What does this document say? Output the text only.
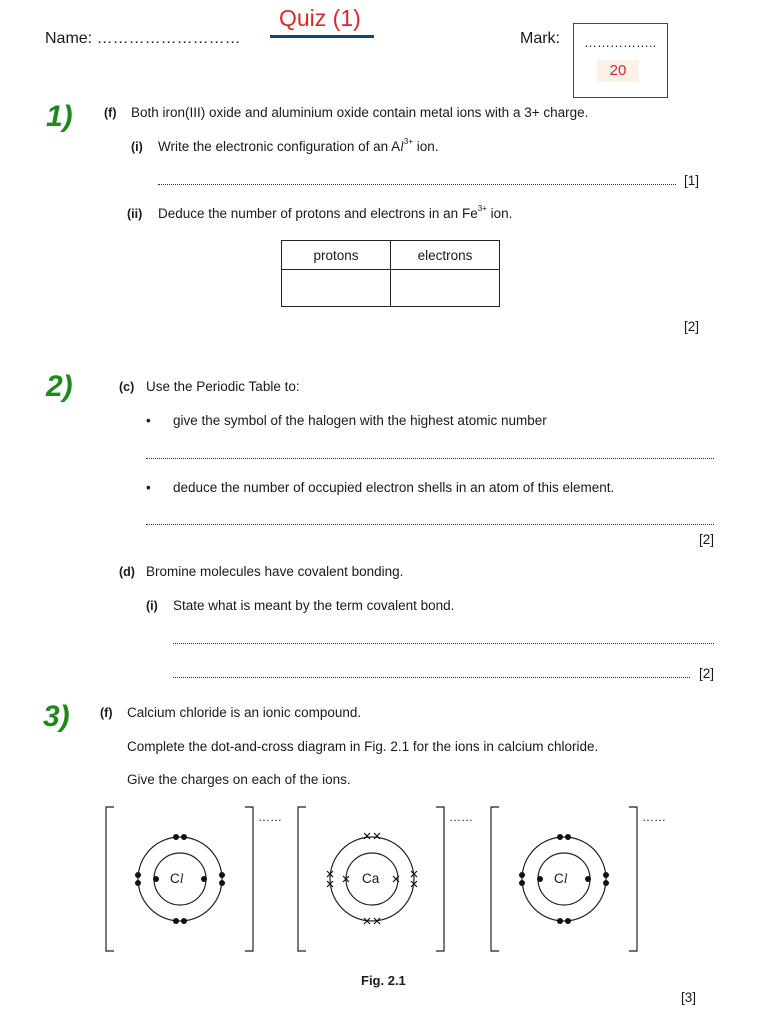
Name: ………………………
Quiz (1)
Mark: ……………..
20
1)	(f) Both iron(III) oxide and aluminium oxide contain metal ions with a 3+ charge.
(i) Write the electronic configuration of an $Al^{3+}$ ion.
[1]
(ii) Deduce the number of protons and electrons in an $Fe^{3+}$ ion.
protons	electrons

[2]
2)	(c) Use the Periodic Table to:
• give the symbol of the halogen with the highest atomic number
• deduce the number of occupied electron shells in an atom of this element.
[2]
(d) Bromine molecules have covalent bonding.
(i) State what is meant by the term covalent bond.
[2]
3) (f) Calcium chloride is an ionic compound.
Complete the dot-and-cross diagram in Fig. 2.1 for the ions in calcium chloride.
Give the charges on each of the ions.
Cl	Ca	Cl
……	……	……
Fig. 2.1
[3]
